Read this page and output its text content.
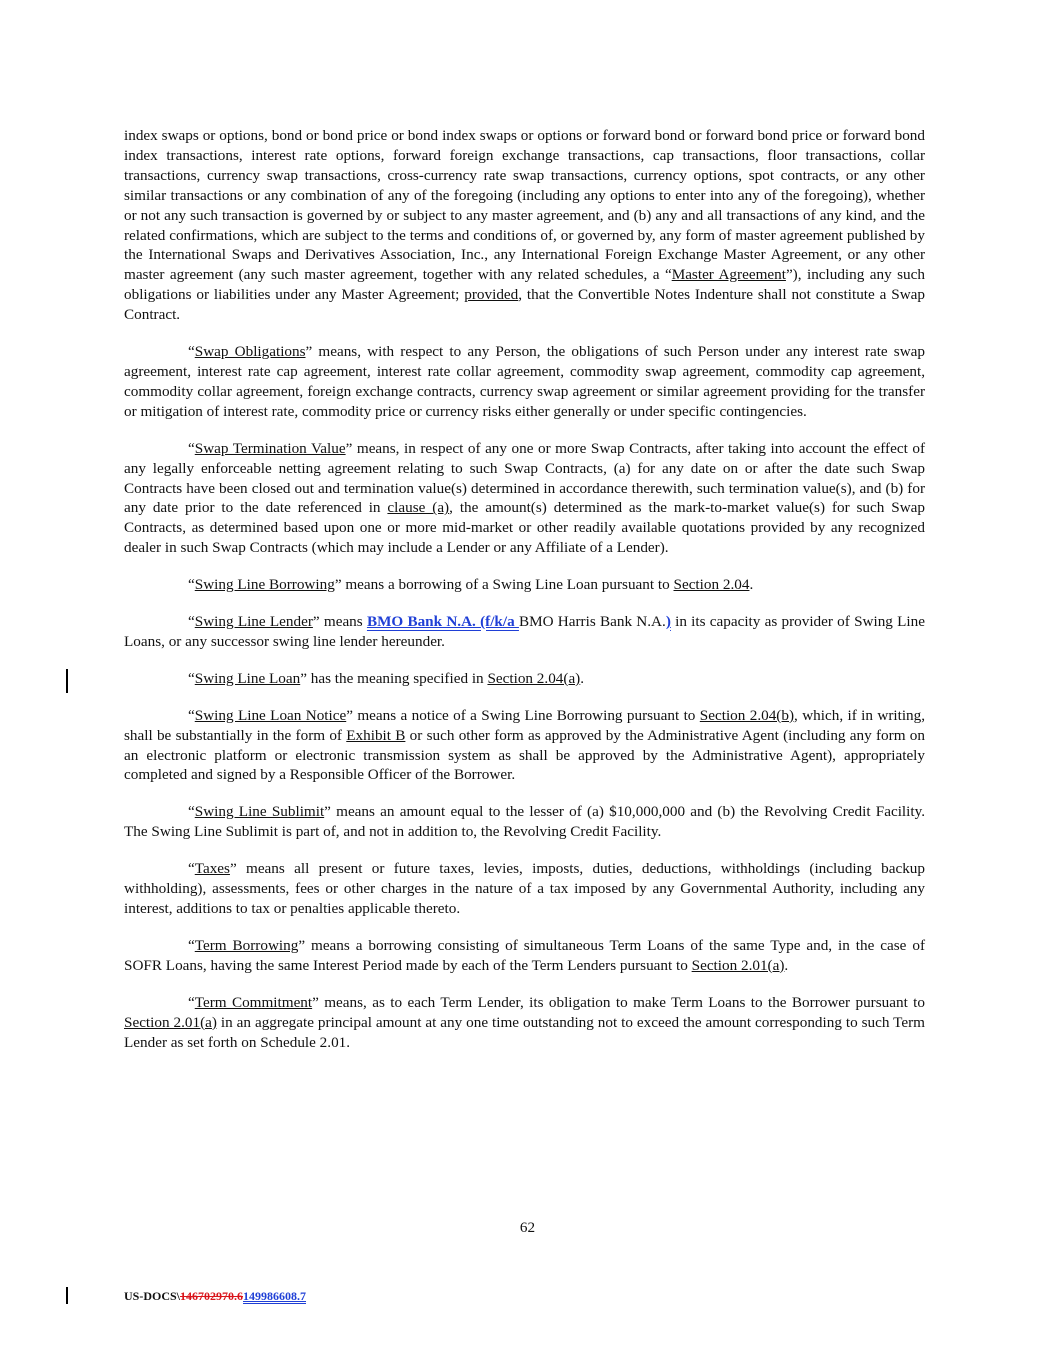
index swaps or options, bond or bond price or bond index swaps or options or forward bond or forward bond price or forward bond index transactions, interest rate options, forward foreign exchange transactions, cap transactions, floor transactions, collar transactions, currency swap transactions, cross-currency rate swap transactions, currency options, spot contracts, or any other similar transactions or any combination of any of the foregoing (including any options to enter into any of the foregoing), whether or not any such transaction is governed by or subject to any master agreement, and (b) any and all transactions of any kind, and the related confirmations, which are subject to the terms and conditions of, or governed by, any form of master agreement published by the International Swaps and Derivatives Association, Inc., any International Foreign Exchange Master Agreement, or any other master agreement (any such master agreement, together with any related schedules, a “Master Agreement”), including any such obligations or liabilities under any Master Agreement; provided, that the Convertible Notes Indenture shall not constitute a Swap Contract.

“Swap Obligations” means, with respect to any Person, the obligations of such Person under any interest rate swap agreement, interest rate cap agreement, interest rate collar agreement, commodity swap agreement, commodity cap agreement, commodity collar agreement, foreign exchange contracts, currency swap agreement or similar agreement providing for the transfer or mitigation of interest rate, commodity price or currency risks either generally or under specific contingencies.

“Swap Termination Value” means, in respect of any one or more Swap Contracts, after taking into account the effect of any legally enforceable netting agreement relating to such Swap Contracts, (a) for any date on or after the date such Swap Contracts have been closed out and termination value(s) determined in accordance therewith, such termination value(s), and (b) for any date prior to the date referenced in clause (a), the amount(s) determined as the mark-to-market value(s) for such Swap Contracts, as determined based upon one or more mid-market or other readily available quotations provided by any recognized dealer in such Swap Contracts (which may include a Lender or any Affiliate of a Lender).

“Swing Line Borrowing” means a borrowing of a Swing Line Loan pursuant to Section 2.04.

“Swing Line Lender” means BMO Bank N.A. (f/k/a BMO Harris Bank N.A.) in its capacity as provider of Swing Line Loans, or any successor swing line lender hereunder.

“Swing Line Loan” has the meaning specified in Section 2.04(a).

“Swing Line Loan Notice” means a notice of a Swing Line Borrowing pursuant to Section 2.04(b), which, if in writing, shall be substantially in the form of Exhibit B or such other form as approved by the Administrative Agent (including any form on an electronic platform or electronic transmission system as shall be approved by the Administrative Agent), appropriately completed and signed by a Responsible Officer of the Borrower.

“Swing Line Sublimit” means an amount equal to the lesser of (a) $10,000,000 and (b) the Revolving Credit Facility. The Swing Line Sublimit is part of, and not in addition to, the Revolving Credit Facility.

“Taxes” means all present or future taxes, levies, imposts, duties, deductions, withholdings (including backup withholding), assessments, fees or other charges in the nature of a tax imposed by any Governmental Authority, including any interest, additions to tax or penalties applicable thereto.

“Term Borrowing” means a borrowing consisting of simultaneous Term Loans of the same Type and, in the case of SOFR Loans, having the same Interest Period made by each of the Term Lenders pursuant to Section 2.01(a).

“Term Commitment” means, as to each Term Lender, its obligation to make Term Loans to the Borrower pursuant to Section 2.01(a) in an aggregate principal amount at any one time outstanding not to exceed the amount corresponding to such Term Lender as set forth on Schedule 2.01.

62
US-DOCS\146702970.6149986608.7
